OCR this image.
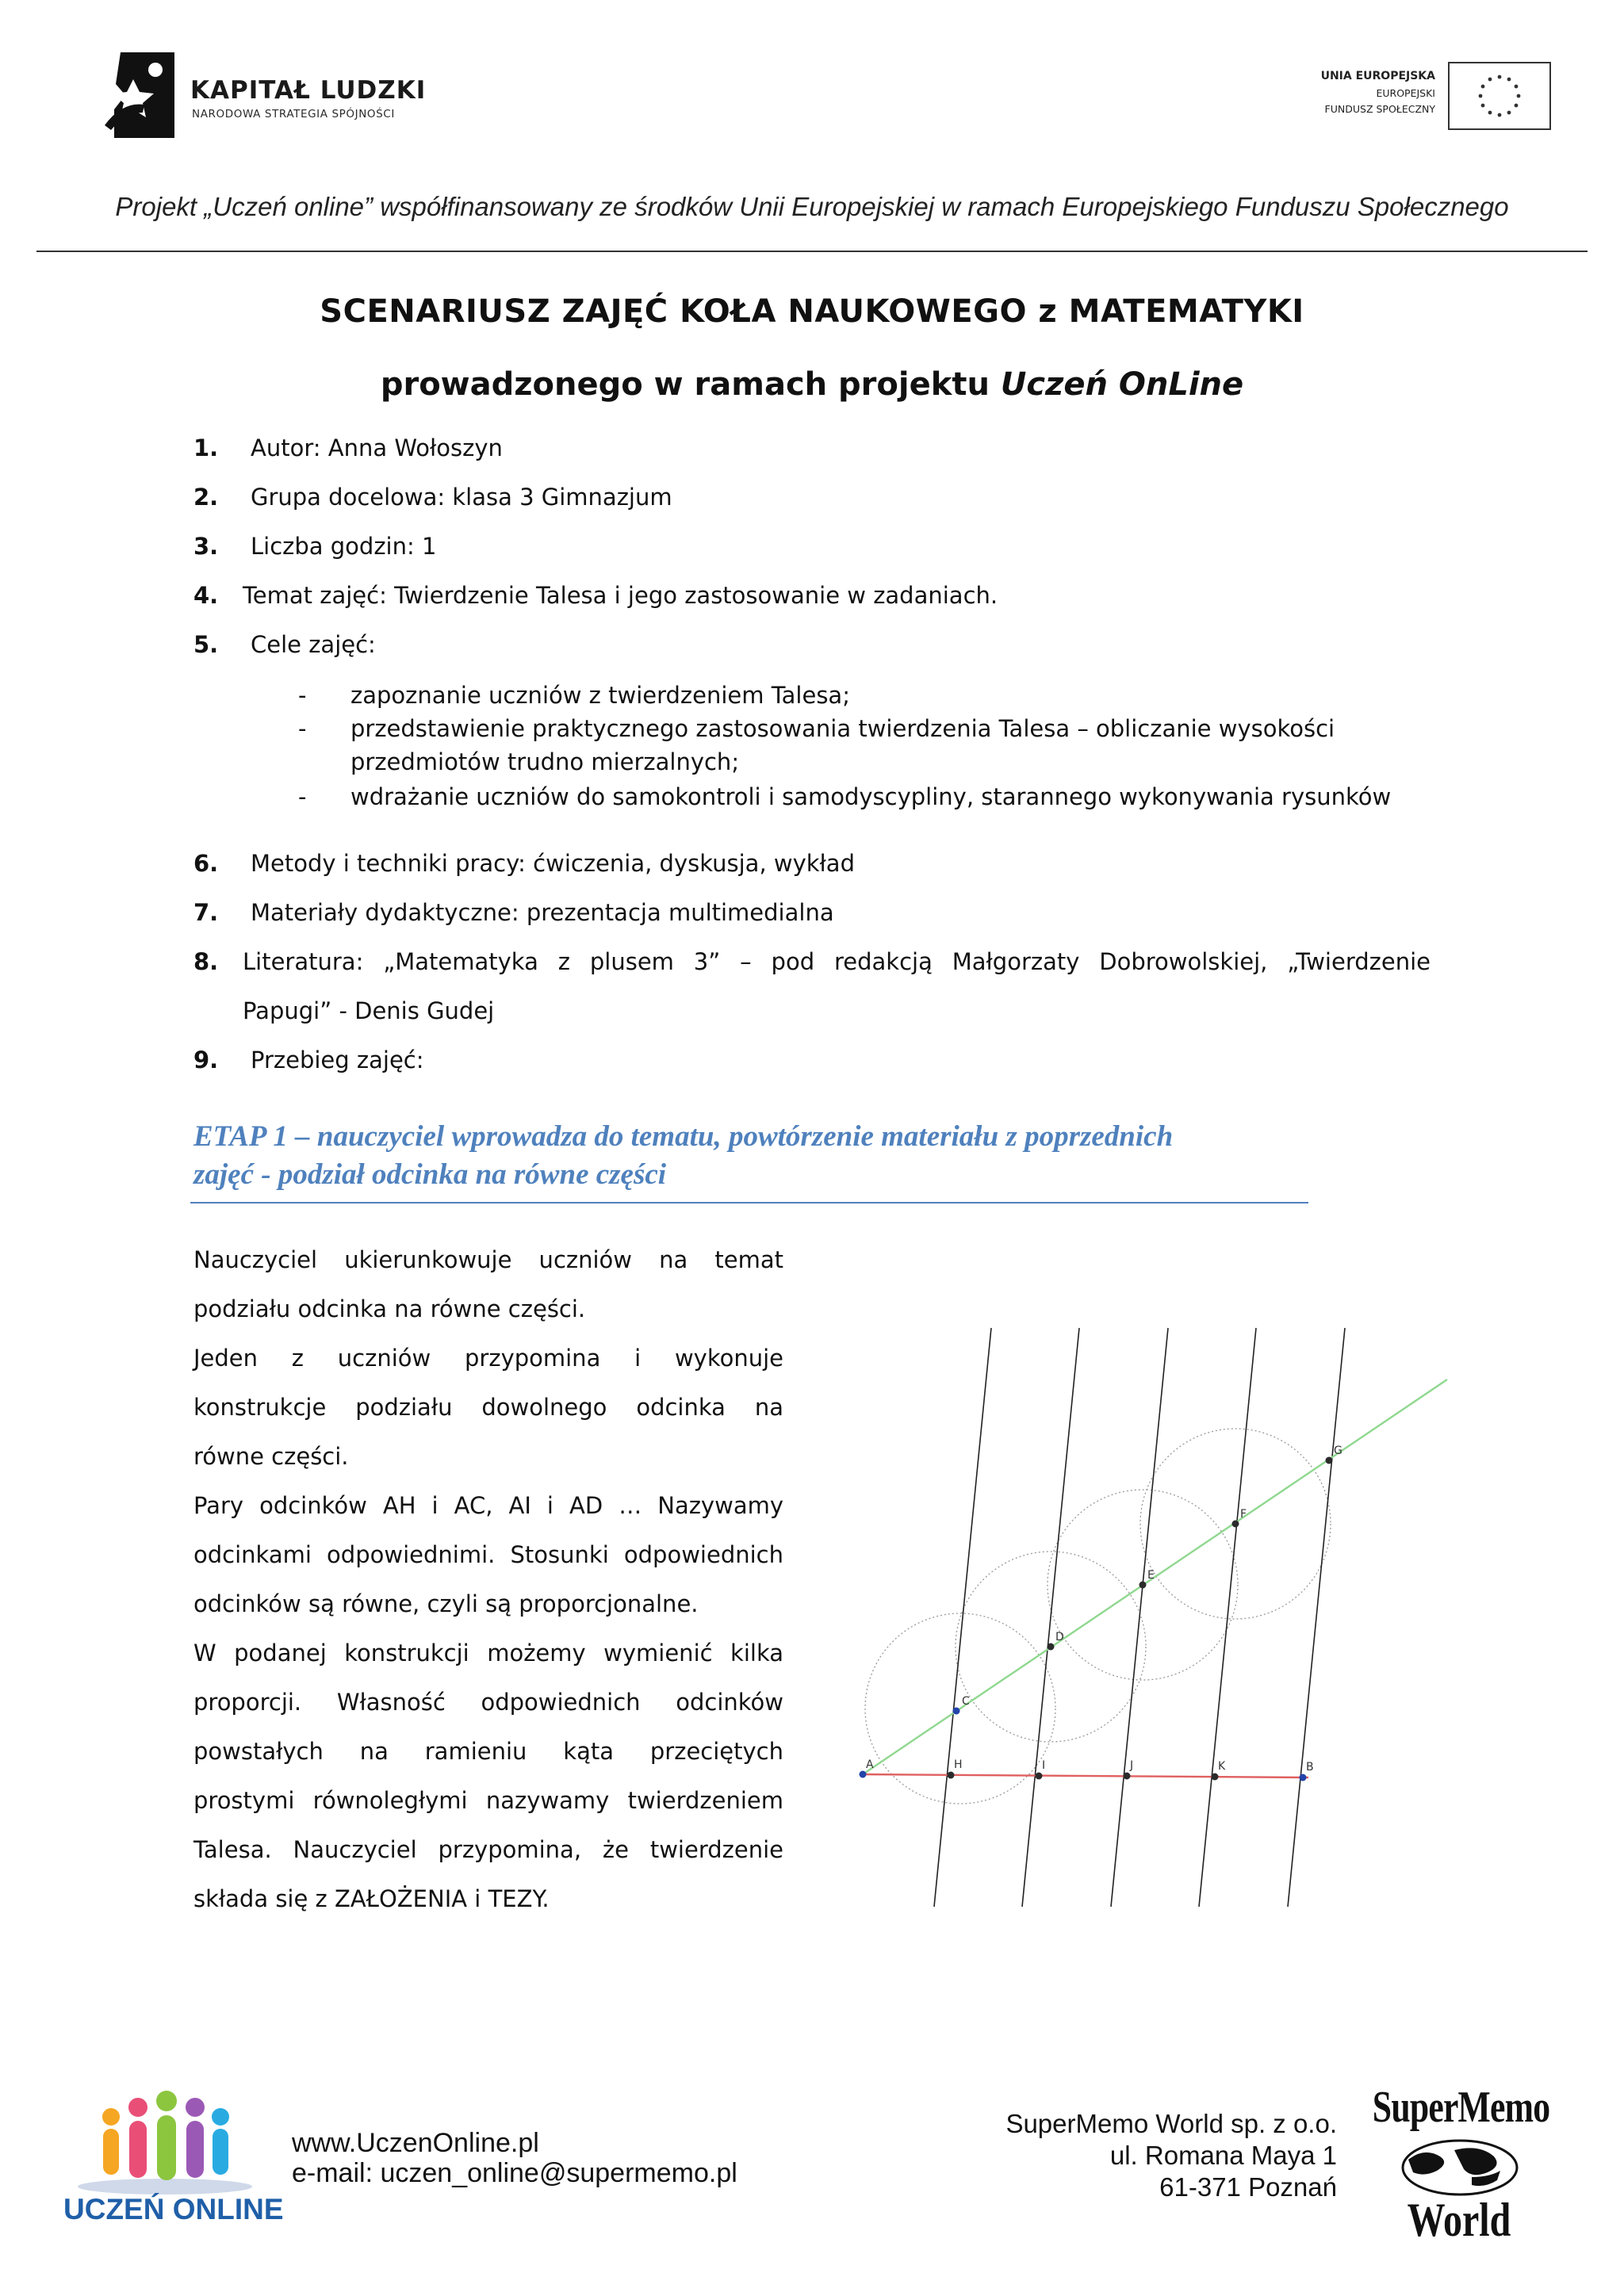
KAPITAŁ LUDZKI
NARODOWA STRATEGIA SPÓJNOŚCI
UNIA EUROPEJSKA
EUROPEJSKI
FUNDUSZ SPOŁECZNY
Projekt „Uczeń online” współfinansowany ze środków Unii Europejskiej w ramach Europejskiego Funduszu Społecznego
SCENARIUSZ ZAJĘĆ KOŁA NAUKOWEGO z MATEMATYKI
prowadzonego w ramach projektu Uczeń OnLine
1. Autor: Anna Wołoszyn
2. Grupa docelowa: klasa 3 Gimnazjum
3. Liczba godzin: 1
4. Temat zajęć: Twierdzenie Talesa i jego zastosowanie w zadaniach.
5. Cele zajęć:
- zapoznanie uczniów z twierdzeniem Talesa;
- przedstawienie praktycznego zastosowania twierdzenia Talesa – obliczanie wysokości
przedmiotów trudno mierzalnych;
- wdrażanie uczniów do samokontroli i samodyscypliny, starannego wykonywania rysunków
6. Metody i techniki pracy: ćwiczenia, dyskusja, wykład
7. Materiały dydaktyczne: prezentacja multimedialna
8. Literatura: „Matematyka z plusem 3” – pod redakcją Małgorzaty Dobrowolskiej, „Twierdzenie
Papugi” - Denis Gudej
9. Przebieg zajęć:
ETAP 1 – nauczyciel wprowadza do tematu, powtórzenie materiału z poprzednich
zajęć - podział odcinka na równe części
Nauczyciel ukierunkowuje uczniów na temat
podziału odcinka na równe części.
Jeden z uczniów przypomina i wykonuje
konstrukcje podziału dowolnego odcinka na
równe części.
Pary odcinków AH i AC, AI i AD … Nazywamy
odcinkami odpowiednimi. Stosunki odpowiednich
odcinków są równe, czyli są proporcjonalne.
W podanej konstrukcji możemy wymienić kilka
proporcji. Własność odpowiednich odcinków
powstałych na ramieniu kąta przeciętych
prostymi równoległymi nazywamy twierdzeniem
Talesa. Nauczyciel przypomina, że twierdzenie
składa się z ZAŁOŻENIA i TEZY.
C
D
E
F
G
A	H	I	J	K	B
UCZEŃ ONLINE
www.UczenOnline.pl
e-mail: uczen_online@supermemo.pl
SuperMemo World sp. z o.o.
ul. Romana Maya 1
61-371 Poznań
SuperMemo
World
